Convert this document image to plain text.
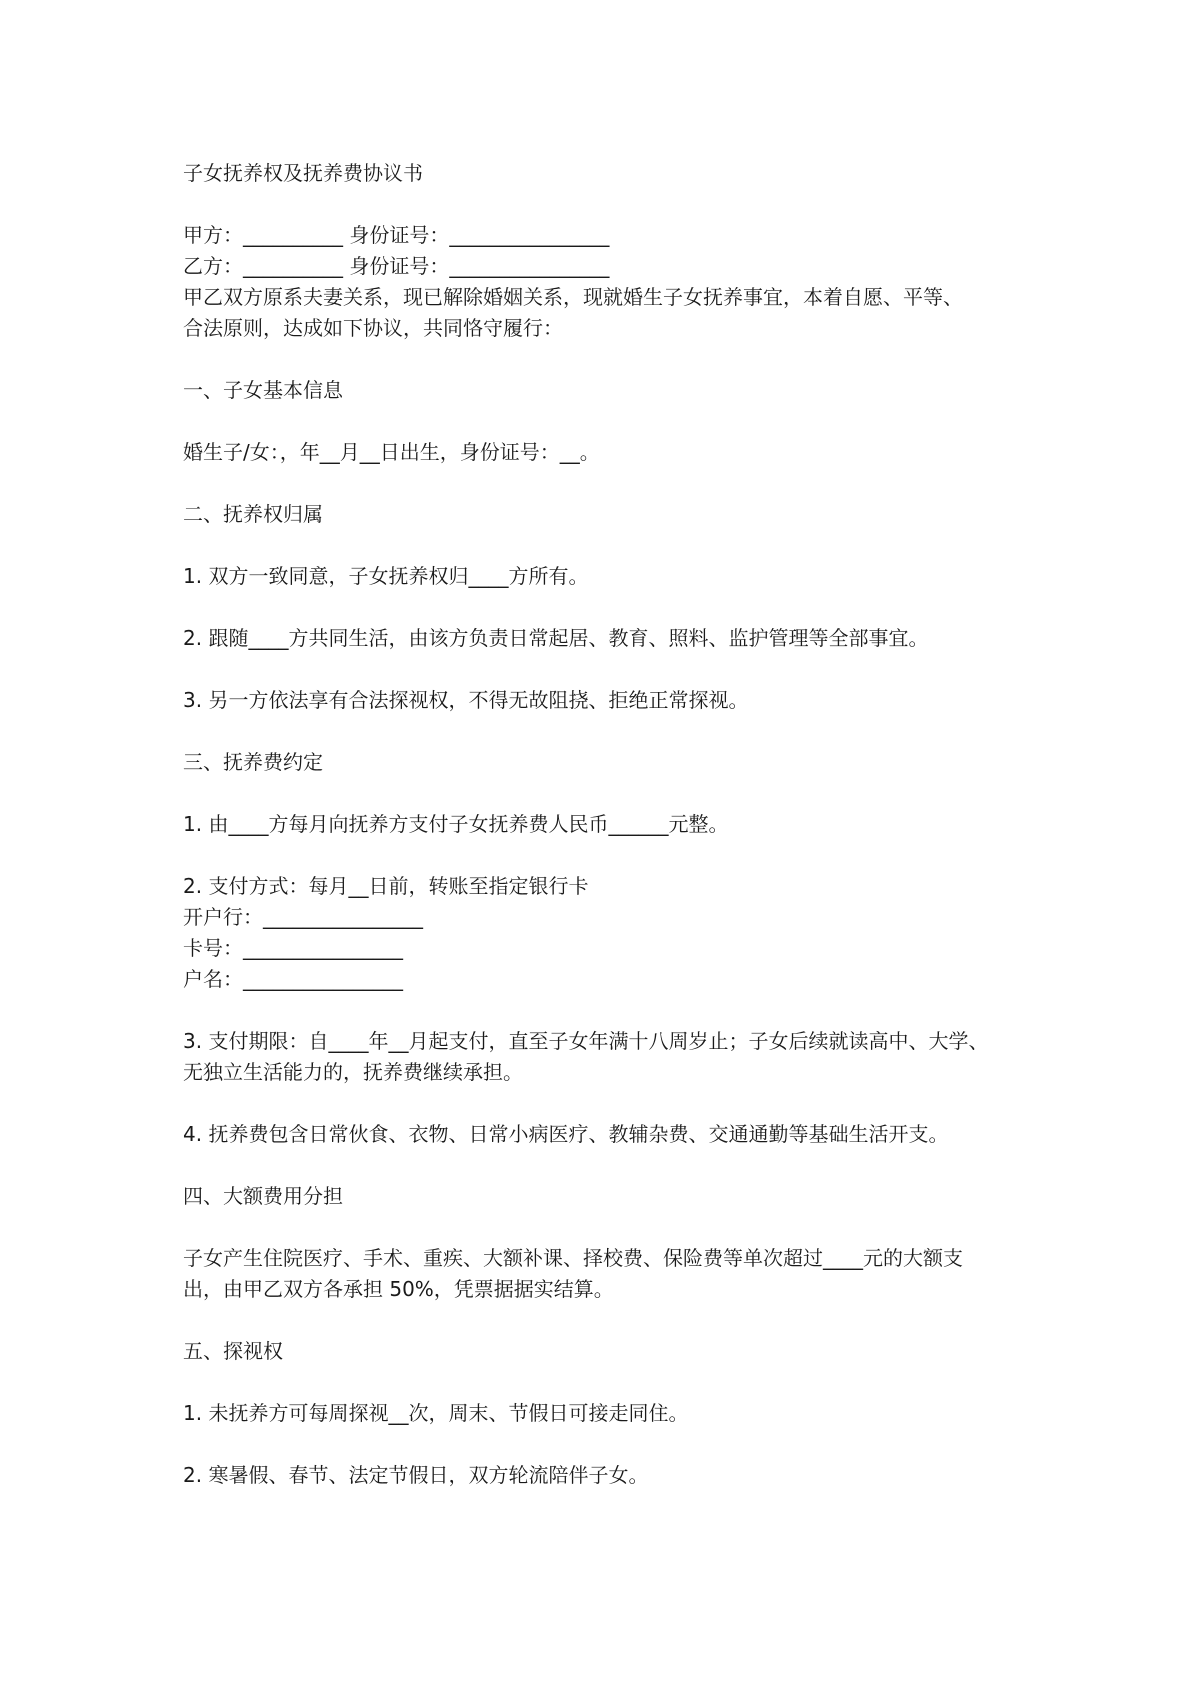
子女抚养权及抚养费协议书

甲方：__________ 身份证号：________________

乙方：__________ 身份证号：________________

甲乙双方原系夫妻关系，现已解除婚姻关系，现就婚生子女抚养事宜，本着自愿、平等、

合法原则，达成如下协议，共同恪守履行：

一、子女基本信息

婚生子/女：，年__月__日出生，身份证号：__。

二、抚养权归属

1. 双方一致同意，子女抚养权归____方所有。

2. 跟随____方共同生活，由该方负责日常起居、教育、照料、监护管理等全部事宜。

3. 另一方依法享有合法探视权，不得无故阻挠、拒绝正常探视。

三、抚养费约定

1. 由____方每月向抚养方支付子女抚养费人民币______元整。

2. 支付方式：每月__日前，转账至指定银行卡

开户行：________________

卡号：________________

户名：________________

3. 支付期限：自____年__月起支付，直至子女年满十八周岁止；子女后续就读高中、大学、

无独立生活能力的，抚养费继续承担。

4. 抚养费包含日常伙食、衣物、日常小病医疗、教辅杂费、交通通勤等基础生活开支。

四、大额费用分担

子女产生住院医疗、手术、重疾、大额补课、择校费、保险费等单次超过____元的大额支

出，由甲乙双方各承担 50%，凭票据据实结算。

五、探视权

1. 未抚养方可每周探视__次，周末、节假日可接走同住。

2. 寒暑假、春节、法定节假日，双方轮流陪伴子女。
